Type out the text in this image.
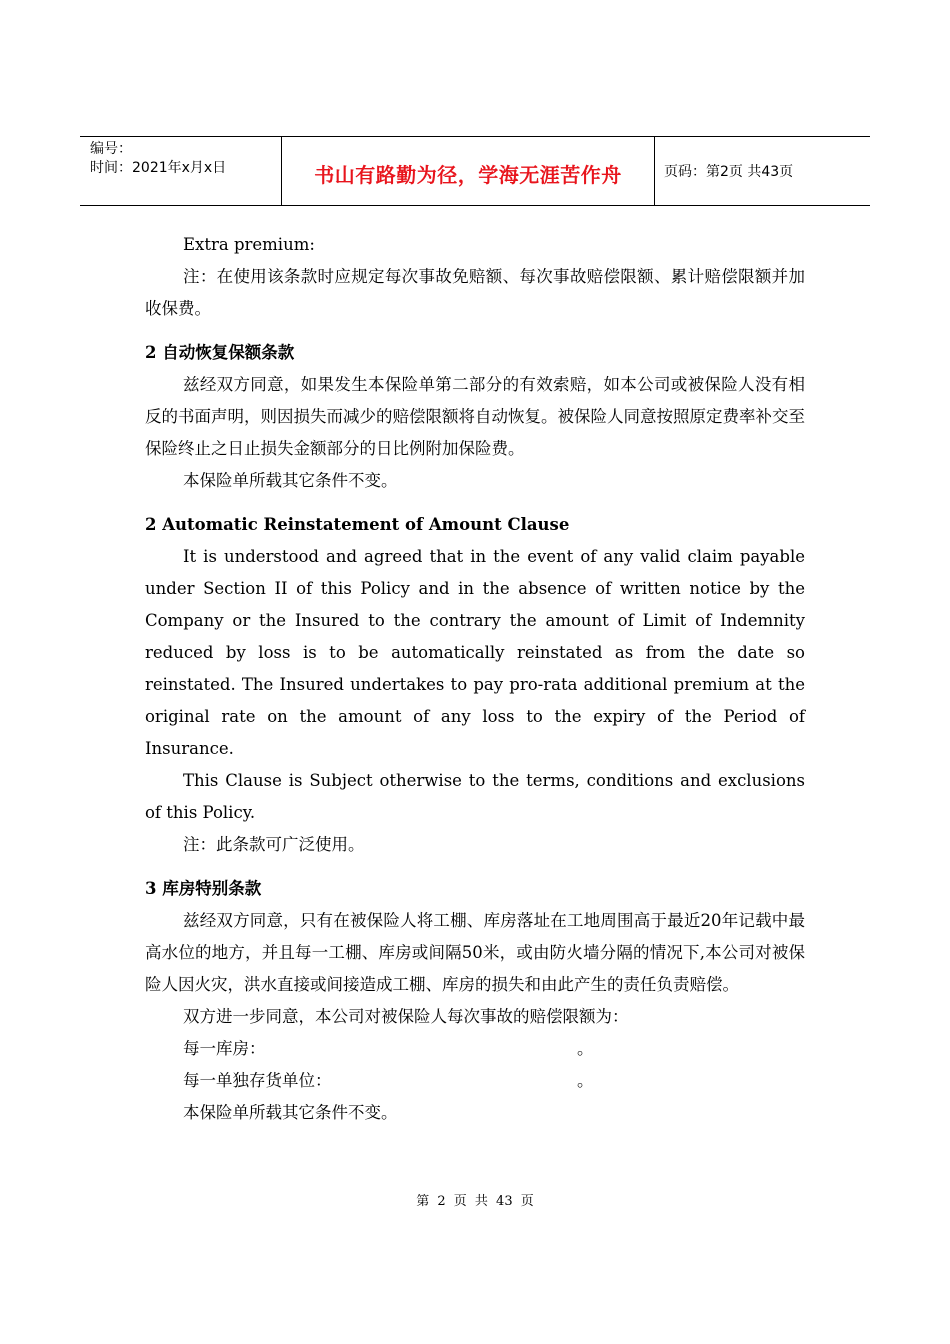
编号：
时间：2021年x月x日	书山有路勤为径，学海无涯苦作舟	页码：第2页 共43页

Extra premium:

注：在使用该条款时应规定每次事故免赔额、每次事故赔偿限额、累计赔偿限额并加收保费。

2 自动恢复保额条款

兹经双方同意，如果发生本保险单第二部分的有效索赔，如本公司或被保险人没有相反的书面声明，则因损失而减少的赔偿限额将自动恢复。被保险人同意按照原定费率补交至保险终止之日止损失金额部分的日比例附加保险费。

本保险单所载其它条件不变。

2 Automatic Reinstatement of Amount Clause

It is understood and agreed that in the event of any valid claim payable under Section II of this Policy and in the absence of written notice by the Company or the Insured to the contrary the amount of Limit of Indemnity reduced by loss is to be automatically reinstated as from the date so reinstated. The Insured undertakes to pay pro-rata additional premium at the original rate on the amount of any loss to the expiry of the Period of Insurance.

This Clause is Subject otherwise to the terms, conditions and exclusions of this Policy.

注：此条款可广泛使用。

3 库房特别条款

兹经双方同意，只有在被保险人将工棚、库房落址在工地周围高于最近20年记载中最高水位的地方，并且每一工棚、库房或间隔50米，或由防火墙分隔的情况下,本公司对被保险人因火灾，洪水直接或间接造成工棚、库房的损失和由此产生的责任负责赔偿。

双方进一步同意，本公司对被保险人每次事故的赔偿限额为：

每一库房：	。

每一单独存货单位：	。

本保险单所载其它条件不变。

第 2 页 共 43 页
